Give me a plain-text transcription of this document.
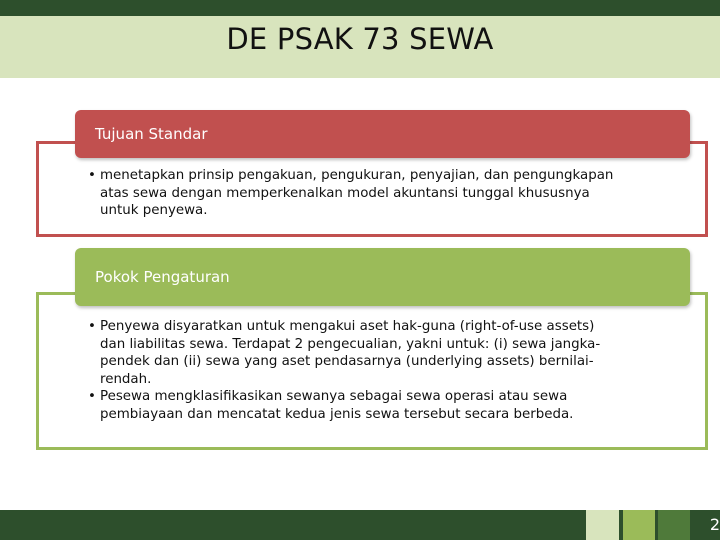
DE PSAK 73 SEWA
Tujuan Standar
• menetapkan prinsip pengakuan, pengukuran, penyajian, dan pengungkapan
atas sewa dengan memperkenalkan model akuntansi tunggal khususnya
untuk penyewa.
Pokok Pengaturan
• Penyewa disyaratkan untuk mengakui aset hak-guna (right-of-use assets)
dan liabilitas sewa. Terdapat 2 pengecualian, yakni untuk: (i) sewa jangka-
pendek dan (ii) sewa yang aset pendasarnya (underlying assets) bernilai-
rendah.
• Pesewa mengklasifikasikan sewanya sebagai sewa operasi atau sewa
pembiayaan dan mencatat kedua jenis sewa tersebut secara berbeda.
2
